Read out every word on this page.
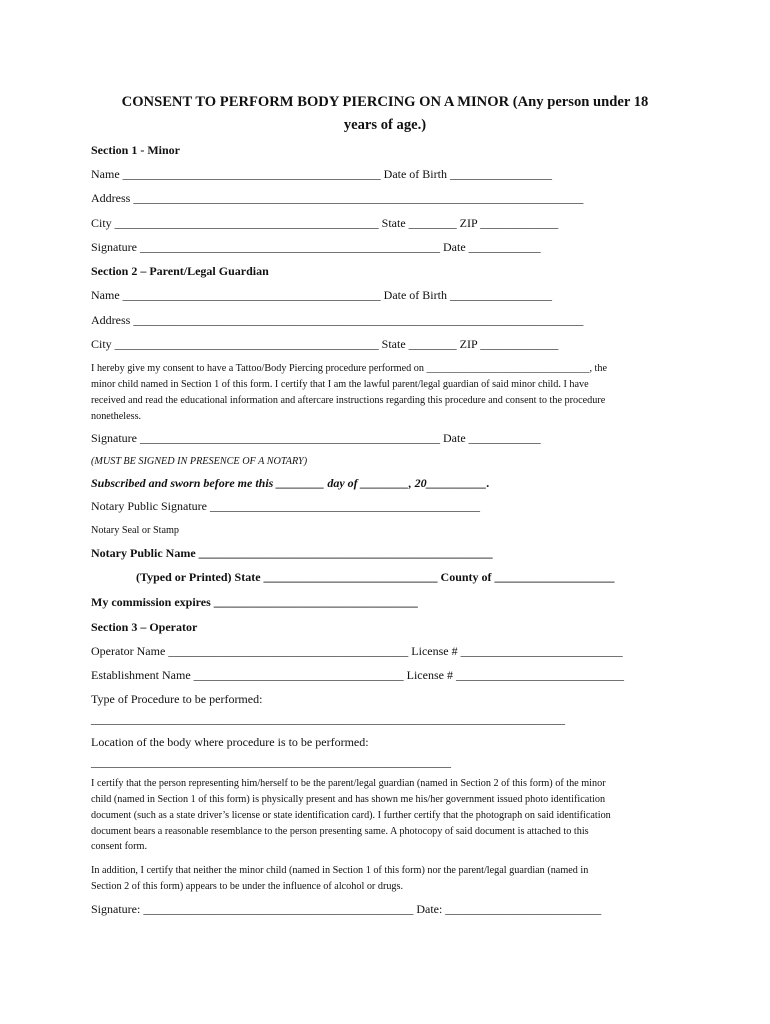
CONSENT TO PERFORM BODY PIERCING ON A MINOR (Any person under 18
years of age.)
Section 1 - Minor
Name ___________________________________________ Date of Birth _________________
Address ___________________________________________________________________________
City ____________________________________________ State ________ ZIP _____________
Signature __________________________________________________ Date ____________
Section 2 – Parent/Legal Guardian
Name ___________________________________________ Date of Birth _________________
Address ___________________________________________________________________________
City ____________________________________________ State ________ ZIP _____________
I hereby give my consent to have a Tattoo/Body Piercing procedure performed on ________________________________, the
minor child named in Section 1 of this form. I certify that I am the lawful parent/legal guardian of said minor child. I have
received and read the educational information and aftercare instructions regarding this procedure and consent to the procedure
nonetheless.
Signature __________________________________________________ Date ____________
(MUST BE SIGNED IN PRESENCE OF A NOTARY)
Subscribed and sworn before me this ________ day of ________, 20__________.
Notary Public Signature _____________________________________________
Notary Seal or Stamp
Notary Public Name _________________________________________________
(Typed or Printed) State _____________________________ County of ____________________
My commission expires __________________________________
Section 3 – Operator
Operator Name ________________________________________ License # ___________________________
Establishment Name ___________________________________ License # ____________________________
Type of Procedure to be performed:
_______________________________________________________________________________
Location of the body where procedure is to be performed:
____________________________________________________________
I certify that the person representing him/herself to be the parent/legal guardian (named in Section 2 of this form) of the minor
child (named in Section 1 of this form) is physically present and has shown me his/her government issued photo identification
document (such as a state driver’s license or state identification card). I further certify that the photograph on said identification
document bears a reasonable resemblance to the person presenting same. A photocopy of said document is attached to this
consent form.
In addition, I certify that neither the minor child (named in Section 1 of this form) nor the parent/legal guardian (named in
Section 2 of this form) appears to be under the influence of alcohol or drugs.
Signature: _____________________________________________ Date: __________________________
